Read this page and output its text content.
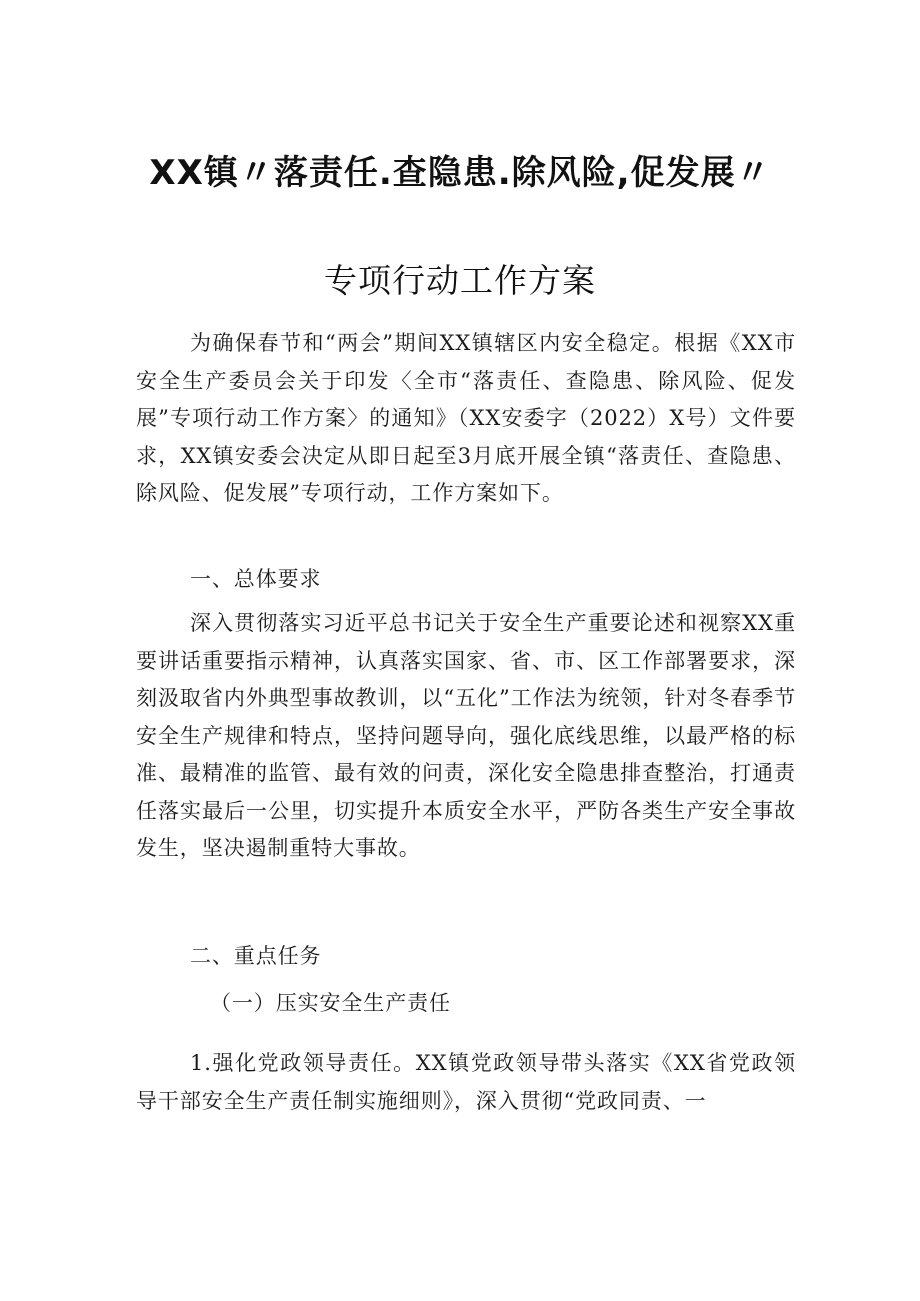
XX镇〃落责任.查隐患.除风险,促发展〃
专项行动工作方案

为确保春节和“两会”期间XX镇辖区内安全稳定。根据《XX市安全生产委员会关于印发〈全市“落责任、查隐患、除风险、促发展”专项行动工作方案〉的通知》（XX安委字（2022）X号）文件要求，XX镇安委会决定从即日起至3月底开展全镇“落责任、查隐患、除风险、促发展”专项行动，工作方案如下。

一、总体要求

深入贯彻落实习近平总书记关于安全生产重要论述和视察XX重要讲话重要指示精神，认真落实国家、省、市、区工作部署要求，深刻汲取省内外典型事故教训，以“五化”工作法为统领，针对冬春季节安全生产规律和特点，坚持问题导向，强化底线思维，以最严格的标准、最精准的监管、最有效的问责，深化安全隐患排查整治，打通责任落实最后一公里，切实提升本质安全水平，严防各类生产安全事故发生，坚决遏制重特大事故。

二、重点任务

（一）压实安全生产责任

1.强化党政领导责任。XX镇党政领导带头落实《XX省党政领导干部安全生产责任制实施细则》，深入贯彻“党政同责、一
